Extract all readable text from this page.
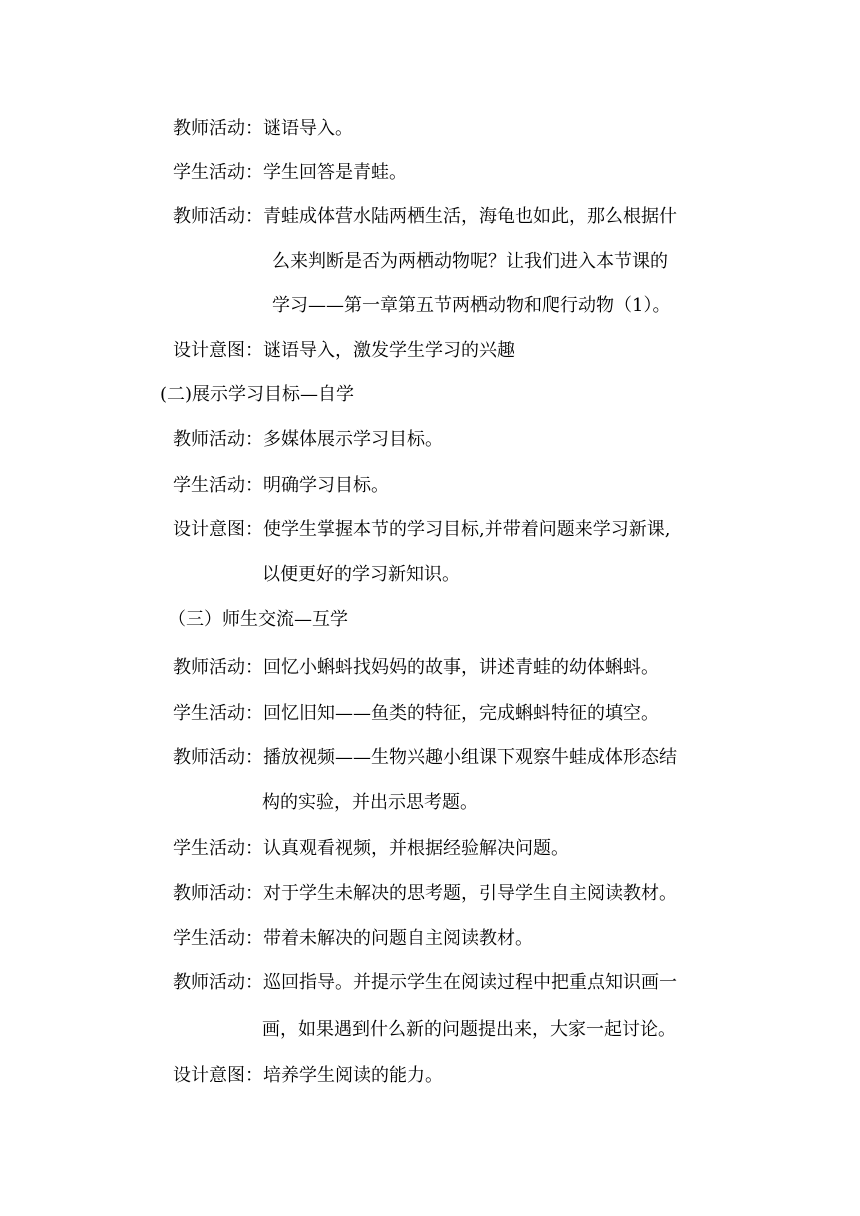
教师活动：谜语导入。
学生活动：学生回答是青蛙。
教师活动：青蛙成体营水陆两栖生活，海龟也如此，那么根据什
么来判断是否为两栖动物呢？让我们进入本节课的
学习——第一章第五节两栖动物和爬行动物（1）。
设计意图：谜语导入，激发学生学习的兴趣
(二)展示学习目标—自学
教师活动：多媒体展示学习目标。
学生活动：明确学习目标。
设计意图：使学生掌握本节的学习目标,并带着问题来学习新课,
以便更好的学习新知识。
（三）师生交流—互学
教师活动：回忆小蝌蚪找妈妈的故事，讲述青蛙的幼体蝌蚪。
学生活动：回忆旧知——鱼类的特征，完成蝌蚪特征的填空。
教师活动：播放视频——生物兴趣小组课下观察牛蛙成体形态结
构的实验，并出示思考题。
学生活动：认真观看视频，并根据经验解决问题。
教师活动：对于学生未解决的思考题，引导学生自主阅读教材。
学生活动：带着未解决的问题自主阅读教材。
教师活动：巡回指导。并提示学生在阅读过程中把重点知识画一
画，如果遇到什么新的问题提出来，大家一起讨论。
设计意图：培养学生阅读的能力。
